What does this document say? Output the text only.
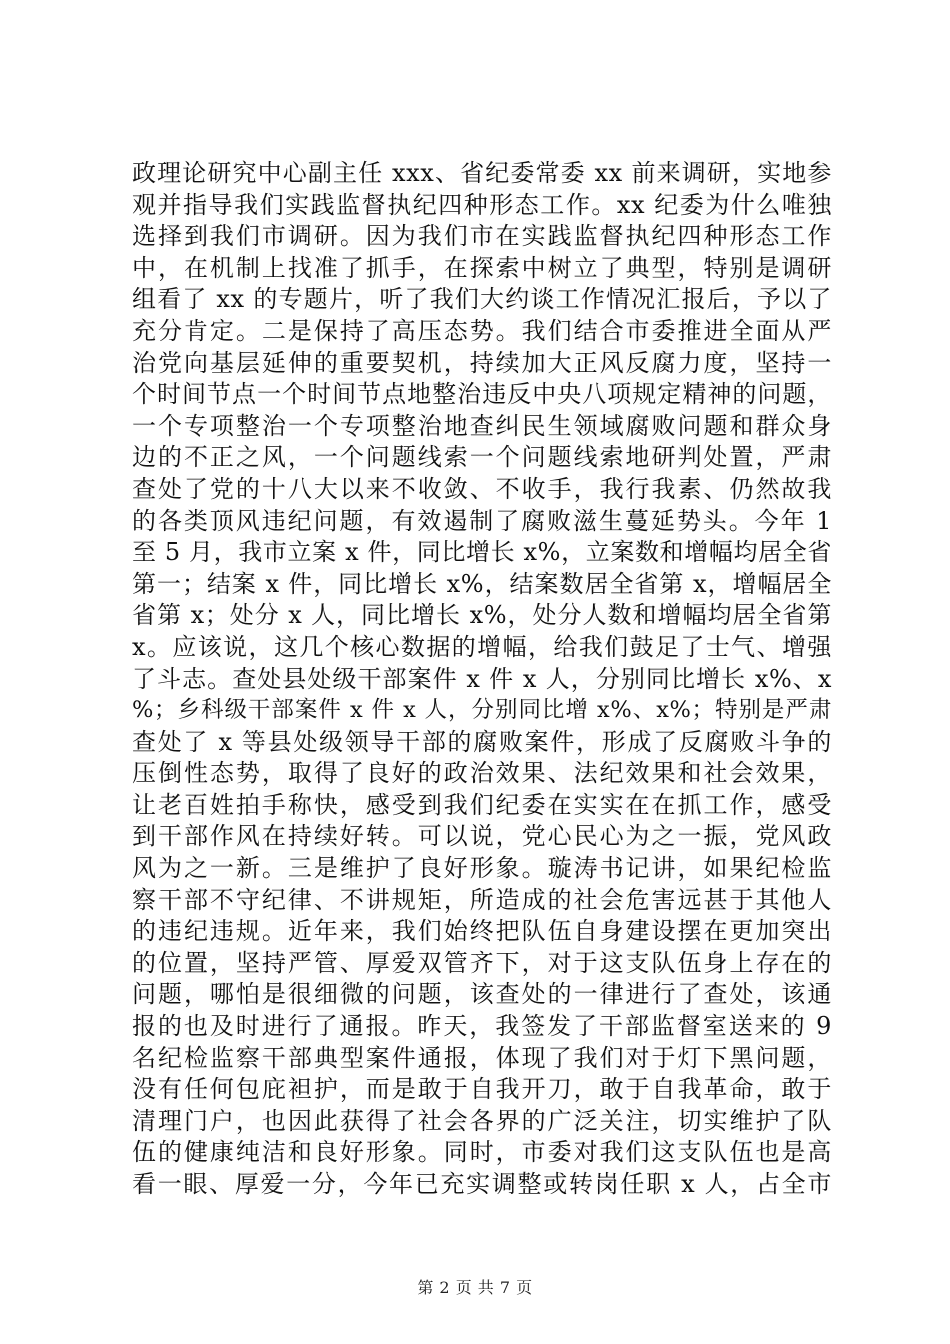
政理论研究中心副主任 xxx、省纪委常委 xx 前来调研，实地参
观并指导我们实践监督执纪四种形态工作。xx 纪委为什么唯独
选择到我们市调研。因为我们市在实践监督执纪四种形态工作
中，在机制上找准了抓手，在探索中树立了典型，特别是调研
组看了 xx 的专题片，听了我们大约谈工作情况汇报后，予以了
充分肯定。二是保持了高压态势。我们结合市委推进全面从严
治党向基层延伸的重要契机，持续加大正风反腐力度，坚持一
个时间节点一个时间节点地整治违反中央八项规定精神的问题，
一个专项整治一个专项整治地查纠民生领域腐败问题和群众身
边的不正之风，一个问题线索一个问题线索地研判处置，严肃
查处了党的十八大以来不收敛、不收手，我行我素、仍然故我
的各类顶风违纪问题，有效遏制了腐败滋生蔓延势头。今年 1
至 5 月，我市立案 x 件，同比增长 x%，立案数和增幅均居全省
第一；结案 x 件，同比增长 x%，结案数居全省第 x，增幅居全
省第 x；处分 x 人，同比增长 x%，处分人数和增幅均居全省第
x。应该说，这几个核心数据的增幅，给我们鼓足了士气、增强
了斗志。查处县处级干部案件 x 件 x 人，分别同比增长 x%、x
%；乡科级干部案件 x 件 x 人，分别同比增 x%、x%；特别是严肃
查处了 x 等县处级领导干部的腐败案件，形成了反腐败斗争的
压倒性态势，取得了良好的政治效果、法纪效果和社会效果，
让老百姓拍手称快，感受到我们纪委在实实在在抓工作，感受
到干部作风在持续好转。可以说，党心民心为之一振，党风政
风为之一新。三是维护了良好形象。璇涛书记讲，如果纪检监
察干部不守纪律、不讲规矩，所造成的社会危害远甚于其他人
的违纪违规。近年来，我们始终把队伍自身建设摆在更加突出
的位置，坚持严管、厚爱双管齐下，对于这支队伍身上存在的
问题，哪怕是很细微的问题，该查处的一律进行了查处，该通
报的也及时进行了通报。昨天，我签发了干部监督室送来的 9
名纪检监察干部典型案件通报，体现了我们对于灯下黑问题，
没有任何包庇袒护，而是敢于自我开刀，敢于自我革命，敢于
清理门户，也因此获得了社会各界的广泛关注，切实维护了队
伍的健康纯洁和良好形象。同时，市委对我们这支队伍也是高
看一眼、厚爱一分，今年已充实调整或转岗任职 x 人，占全市
第 2 页 共 7 页
